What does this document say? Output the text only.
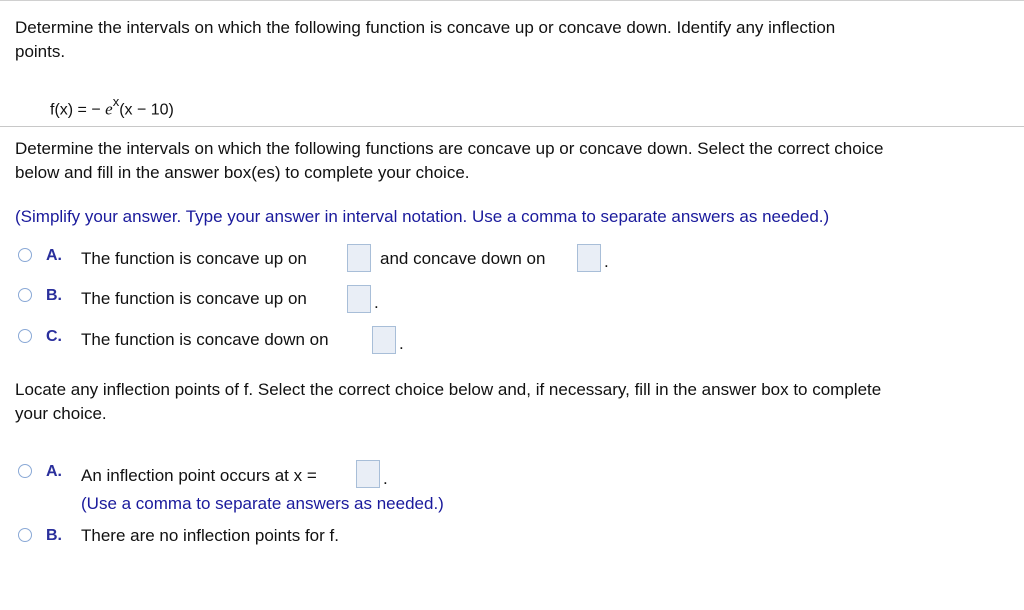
Determine the intervals on which the following function is concave up or concave down. Identify any inflection
points.
f(x) = − $e^x(x - 10)$
Determine the intervals on which the following functions are concave up or concave down. Select the correct choice
below and fill in the answer box(es) to complete your choice.
(Simplify your answer. Type your answer in interval notation. Use a comma to separate answers as needed.)
A. The function is concave up on	and concave down on	.
B. The function is concave up on	.
C. The function is concave down on	.
Locate any inflection points of f. Select the correct choice below and, if necessary, fill in the answer box to complete
your choice.
A. An inflection point occurs at x =	.
(Use a comma to separate answers as needed.)
B. There are no inflection points for f.
